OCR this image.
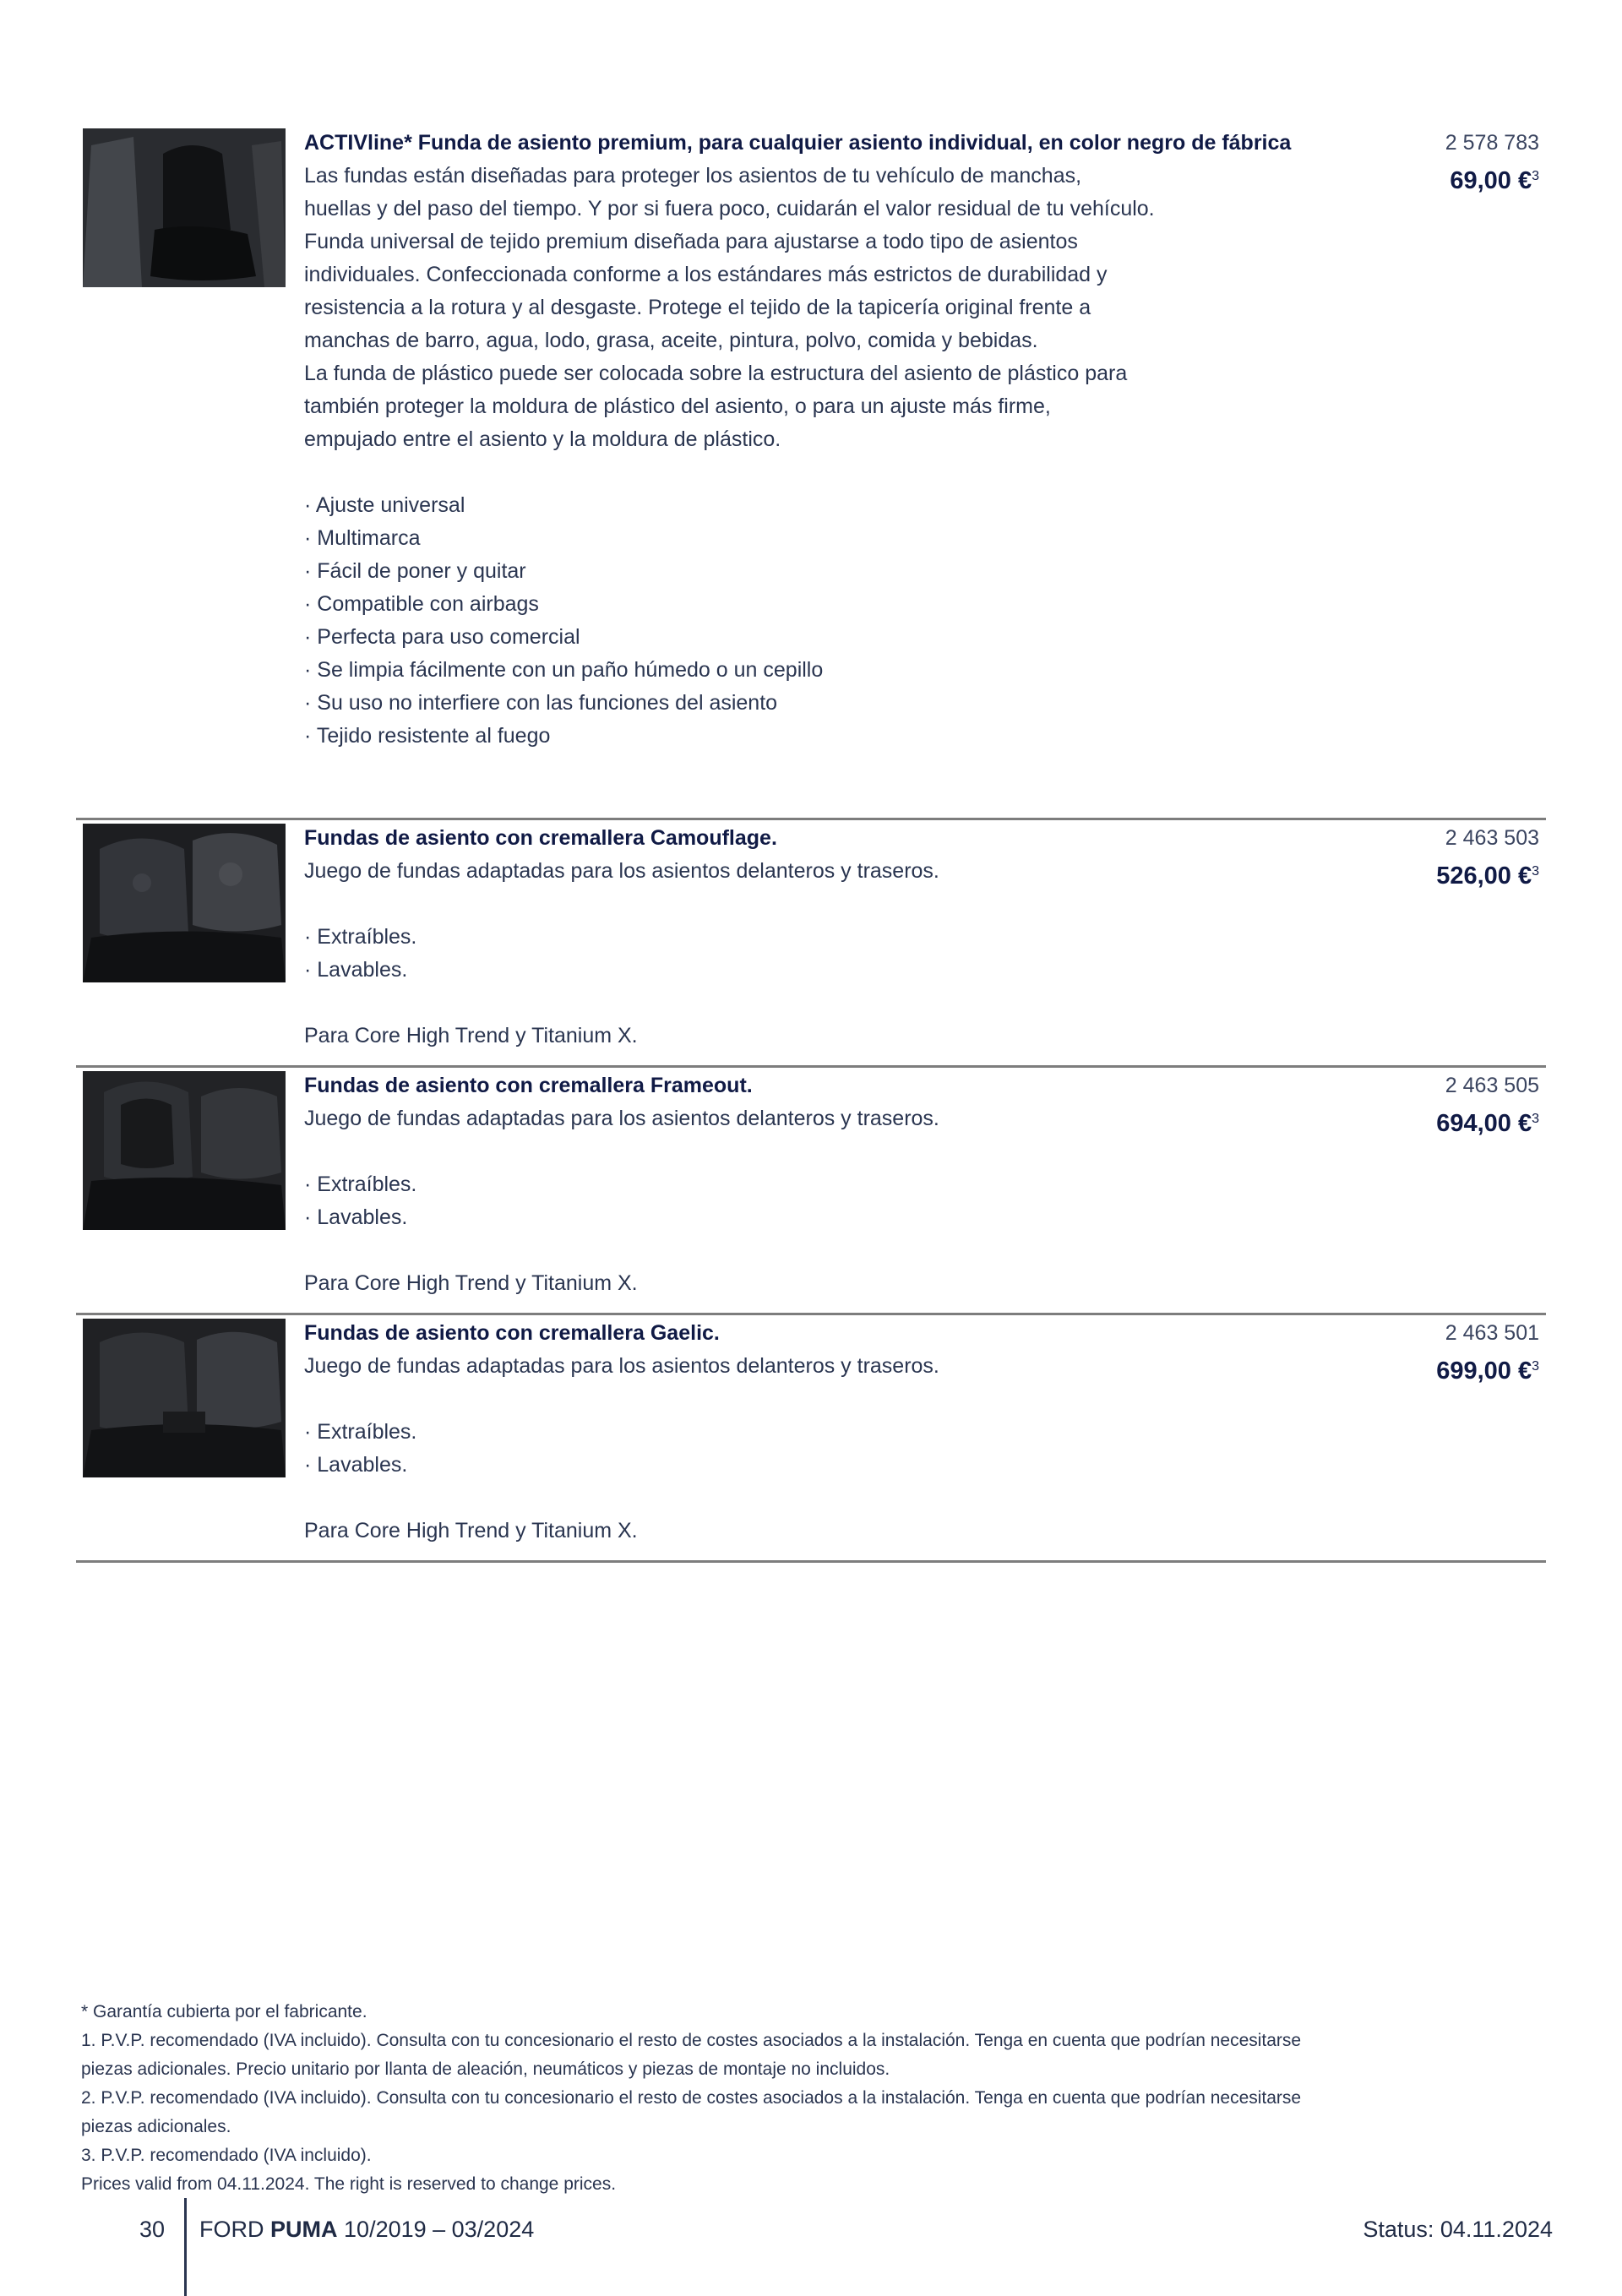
ACTIVline* Funda de asiento premium, para cualquier asiento individual, en color negro de fábrica

Las fundas están diseñadas para proteger los asientos de tu vehículo de manchas,

huellas y del paso del tiempo. Y por si fuera poco, cuidarán el valor residual de tu vehículo.

Funda universal de tejido premium diseñada para ajustarse a todo tipo de asientos

individuales. Confeccionada conforme a los estándares más estrictos de durabilidad y

resistencia a la rotura y al desgaste. Protege el tejido de la tapicería original frente a

manchas de barro, agua, lodo, grasa, aceite, pintura, polvo, comida y bebidas.

La funda de plástico puede ser colocada sobre la estructura del asiento de plástico para

también proteger la moldura de plástico del asiento, o para un ajuste más firme,

empujado entre el asiento y la moldura de plástico.

· Ajuste universal
· Multimarca
· Fácil de poner y quitar
· Compatible con airbags
· Perfecta para uso comercial
· Se limpia fácilmente con un paño húmedo o un cepillo
· Su uso no interfiere con las funciones del asiento
· Tejido resistente al fuego
2 578 783
69,00 €$^3$

Fundas de asiento con cremallera Camouflage.

Juego de fundas adaptadas para los asientos delanteros y traseros.

· Extraíbles.
· Lavables.

Para Core High Trend y Titanium X.

2 463 503
526,00 €$^3$

Fundas de asiento con cremallera Frameout.

Juego de fundas adaptadas para los asientos delanteros y traseros.

· Extraíbles.
· Lavables.

Para Core High Trend y Titanium X.

2 463 505
694,00 €$^3$

Fundas de asiento con cremallera Gaelic.

Juego de fundas adaptadas para los asientos delanteros y traseros.

· Extraíbles.
· Lavables.

Para Core High Trend y Titanium X.

2 463 501
699,00 €$^3$

* Garantía cubierta por el fabricante.

1. P.V.P. recomendado (IVA incluido). Consulta con tu concesionario el resto de costes asociados a la instalación. Tenga en cuenta que podrían necesitarse

piezas adicionales. Precio unitario por llanta de aleación, neumáticos y piezas de montaje no incluidos.

2. P.V.P. recomendado (IVA incluido). Consulta con tu concesionario el resto de costes asociados a la instalación. Tenga en cuenta que podrían necesitarse

piezas adicionales.

3. P.V.P. recomendado (IVA incluido).

Prices valid from 04.11.2024. The right is reserved to change prices.

30 FORD PUMA 10/2019 – 03/2024	Status: 04.11.2024
